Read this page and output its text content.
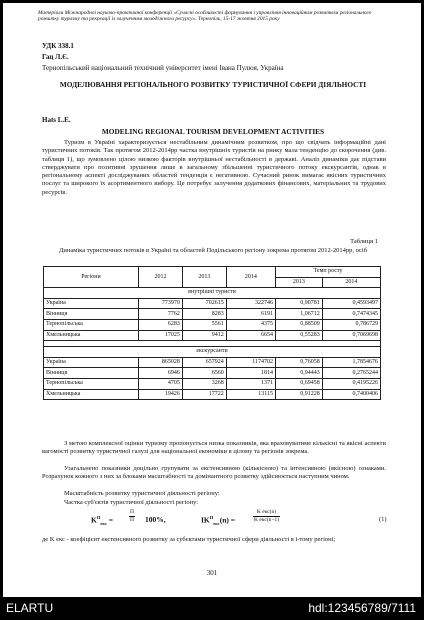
Матеріали Міжнародної науково-практичної конференції «Сучасні особливості формування і управління інноваційним розвитком регіонального розвитку туризму та рекреації із залученням молодіжного ресурсу». Тернопіль, 15-17 жовтня 2015 року
УДК 338.1
Гац Л.Є.
Тернопільський національний технічний університет імені Івана Пулюя, Україна
МОДЕЛЮВАННЯ РЕГІОНАЛЬНОГО РОЗВИТКУ ТУРИСТИЧНОЇ СФЕРИ ДІЯЛЬНОСТІ
Hats L.E.
MODELING REGIONAL TOURISM DEVELOPMENT ACTIVITIES
Туризм в Україні характеризується нестабільним динамічним розвитком, про що свідчать інформаційні дані туристичних потоків. Так протягом 2012-2014рр частка внутрішніх туристів на ринку мала тенденцію до скорочення (див. таблиця 1), що зумовлено цілою низкою факторів внутрішньої нестабільності в державі. Аналіз динаміки дає підстави стверджувати про позитивні зрушення лише в загальному збільшенні туристичного потоку екскурсантів, однак в регіональному аспекті досліджуваних областей тенденція є негативною. Сучасний ринок вимагає якісних туристичних послуг та широкого їх асортиментного вибору. Це потребує залучення додаткових фінансових, матеріальних та трудових ресурсів.
Таблиця 1
Динаміка туристичних потоків в Україні та областей Подільського регіону зокрема протягом 2012-2014рр, осіб
Регіони	2012	2013	2014	Темп росту	
				2013	2014
внутрішні туристи					
Україна	773970	702615	322746	0,90781	0,4593497
Вінниця	7762	8283	6191	1,06712	0,7474345
Тернопільська	6283	5561	4375	0,88509	0,786729
Хмельницька	17025	9412	6654	0,55283	0,7069698

екскурсанти					
Україна	865028	657924	1174702	0,76058	1,7854676
Вінниця	6946	6560	1814	0,94443	0,2765244
Тернопільська	4705	3268	1371	0,69458	0,4195226
Хмельницька	19426	17722	13115	0,91228	0,7400406
З метою комплексної оцінки туризму пропонується низка показників, яка враховуватиме кількісні та якісні аспекти вагомості розвитку туристичної галузі для національної економіки в цілому та регіонів зокрема.
Узагальнено показники доцільно групувати за екстенсивною (кількісною) та інтенсивною (якісною) ознаками. Розрахунок кожного з них за блоками масштабності та домінантного розвитку здійснюється наступним чином.
Масштабність розвитку туристичної діяльності регіону:
Частка суб'єктів туристичної діяльності регіону:
$K^П_{екс}$ =
П
П 100%,	$ІK^П_{екс}(n)$ =
K екс(n)
K екс(n−1)	(1)
де K екс - коефіцієнт екстенсивного розвитку за субєктами туристичної сфери діяльності в i-тому регіоні;
301
ELARTU	hdl:123456789/7111
